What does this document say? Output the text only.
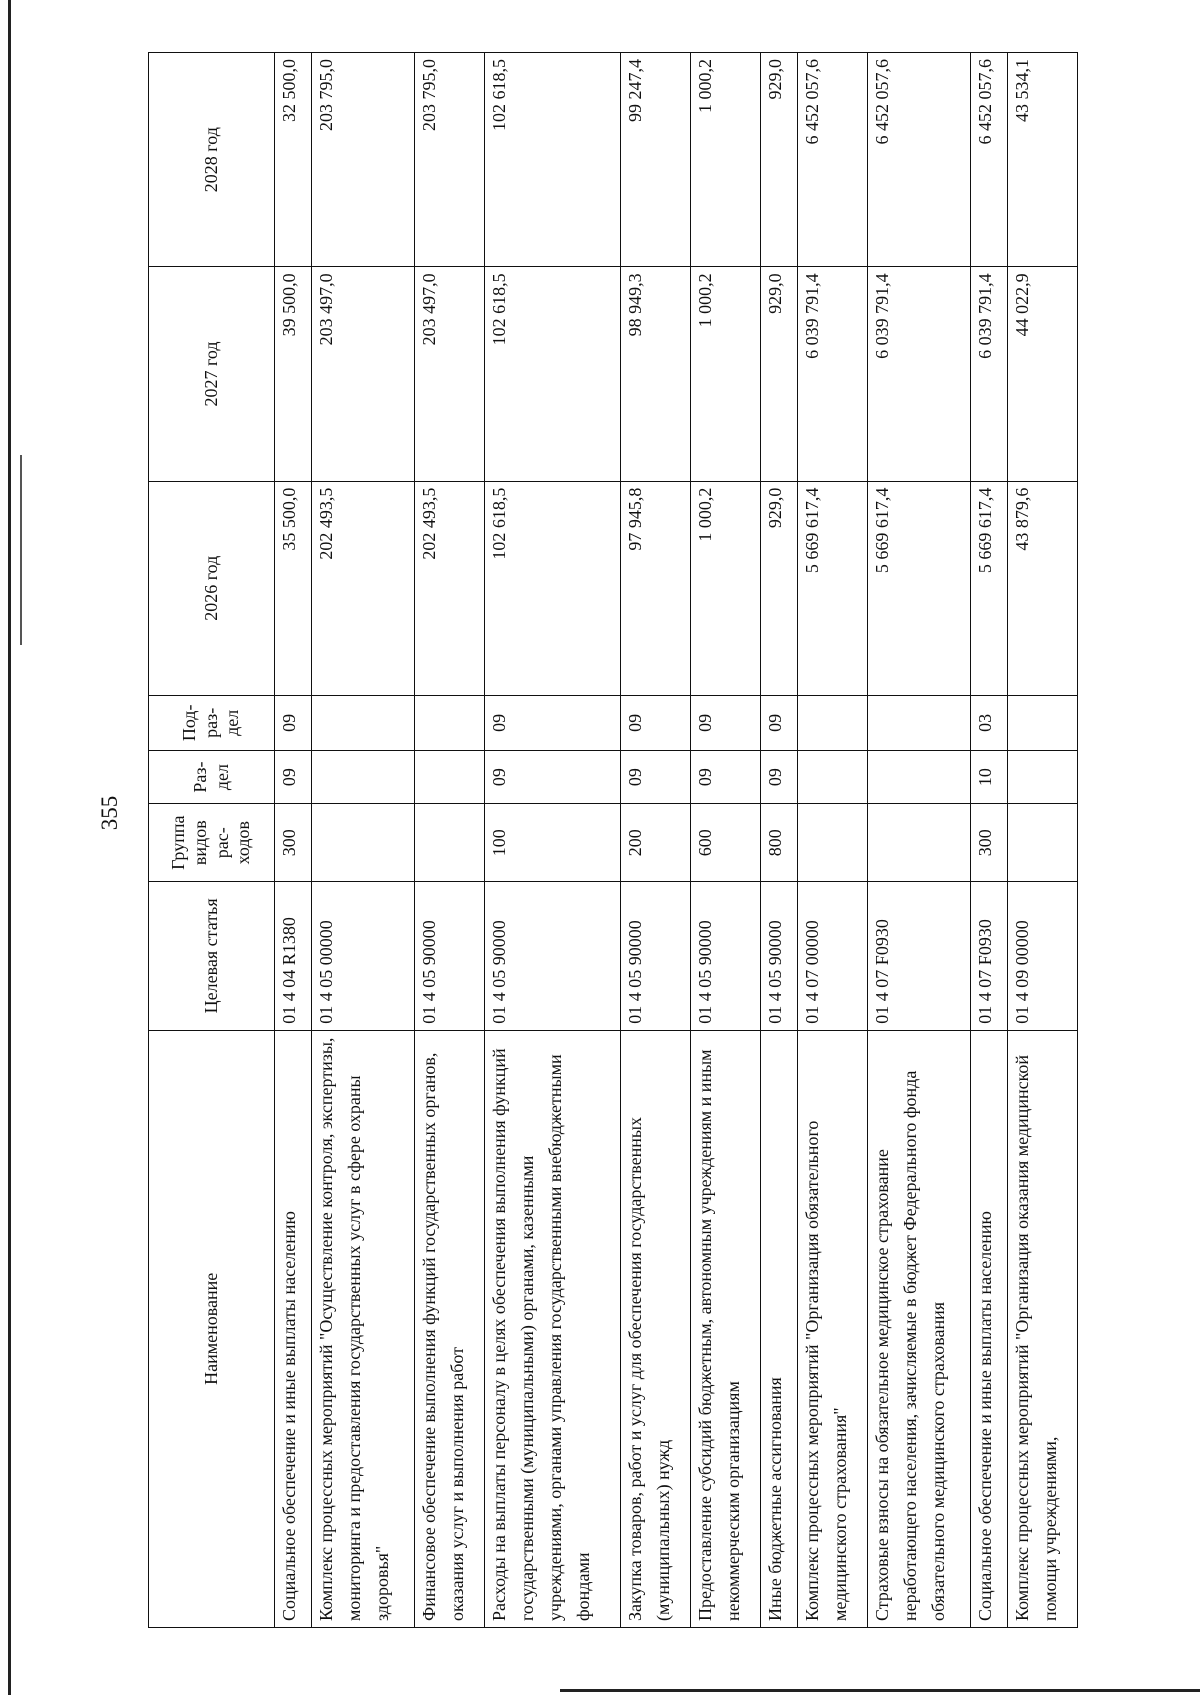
355
Наименование	Целевая статья	Группа видов рас- ходов	Раз- дел	Под- раз- дел	2026 год	2027 год	2028 год
Социальное обеспечение и иные выплаты населению	01 4 04 R1380	300	09	09	35 500,0	39 500,0	32 500,0
Комплекс процессных мероприятий "Осуществление контроля, экспертизы, мониторинга и предоставления государственных услуг в сфере охраны здоровья"	01 4 05 00000				202 493,5	203 497,0	203 795,0
Финансовое обеспечение выполнения функций государственных органов, оказания услуг и выполнения работ	01 4 05 90000				202 493,5	203 497,0	203 795,0
Расходы на выплаты персоналу в целях обеспечения выполнения функций государственными (муниципальными) органами, казенными учреждениями, органами управления государственными внебюджетными фондами	01 4 05 90000	100	09	09	102 618,5	102 618,5	102 618,5
Закупка товаров, работ и услуг для обеспечения государственных (муниципальных) нужд	01 4 05 90000	200	09	09	97 945,8	98 949,3	99 247,4
Предоставление субсидий бюджетным, автономным учреждениям и иным некоммерческим организациям	01 4 05 90000	600	09	09	1 000,2	1 000,2	1 000,2
Иные бюджетные ассигнования	01 4 05 90000	800	09	09	929,0	929,0	929,0
Комплекс процессных мероприятий "Организация обязательного медицинского страхования"	01 4 07 00000				5 669 617,4	6 039 791,4	6 452 057,6
Страховые взносы на обязательное медицинское страхование неработающего населения, зачисляемые в бюджет Федерального фонда обязательного медицинского страхования	01 4 07 F0930				5 669 617,4	6 039 791,4	6 452 057,6
Социальное обеспечение и иные выплаты населению	01 4 07 F0930	300	10	03	5 669 617,4	6 039 791,4	6 452 057,6
Комплекс процессных мероприятий "Организация оказания медицинской помощи учреждениями,	01 4 09 00000				43 879,6	44 022,9	43 534,1
